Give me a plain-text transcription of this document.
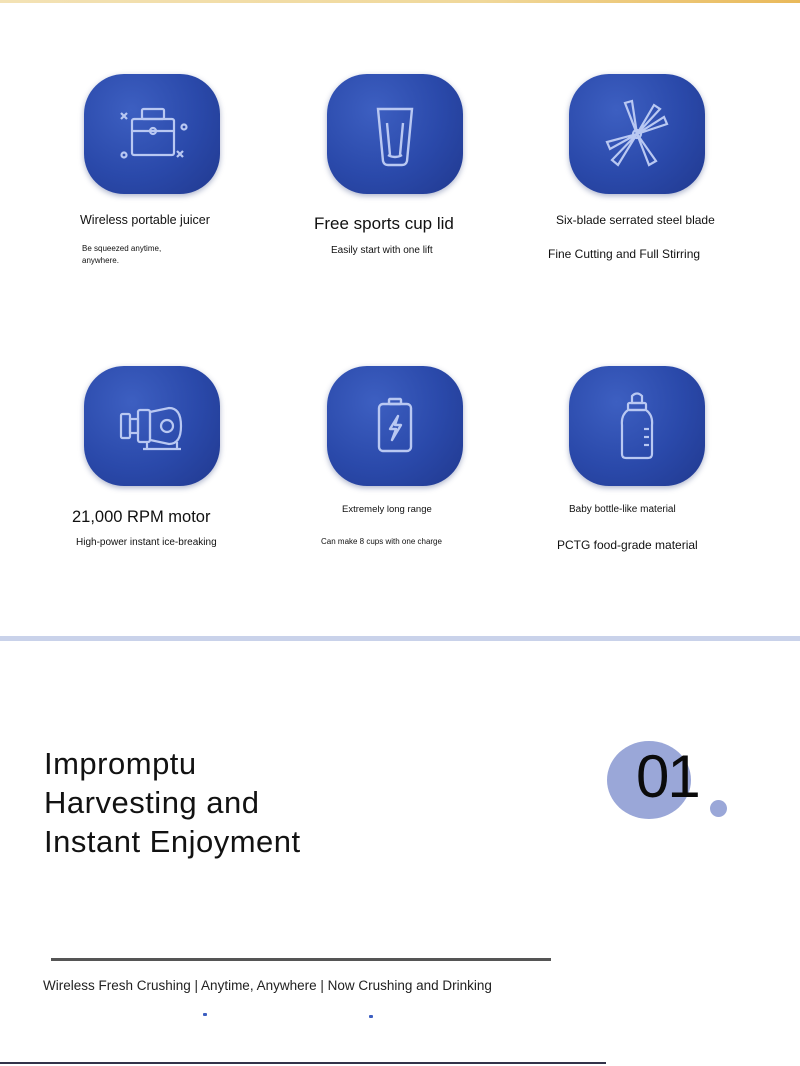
Wireless portable juicer
Be squeezed anytime, anywhere.
Free sports cup lid
Easily start with one lift
Six-blade serrated steel blade
Fine Cutting and Full Stirring
21,000 RPM motor
High-power instant ice-breaking
Extremely long range
Can make 8 cups with one charge
Baby bottle-like material
PCTG food-grade material
Impromptu
Harvesting and
Instant Enjoyment
01
Wireless Fresh Crushing | Anytime, Anywhere | Now Crushing and Drinking
